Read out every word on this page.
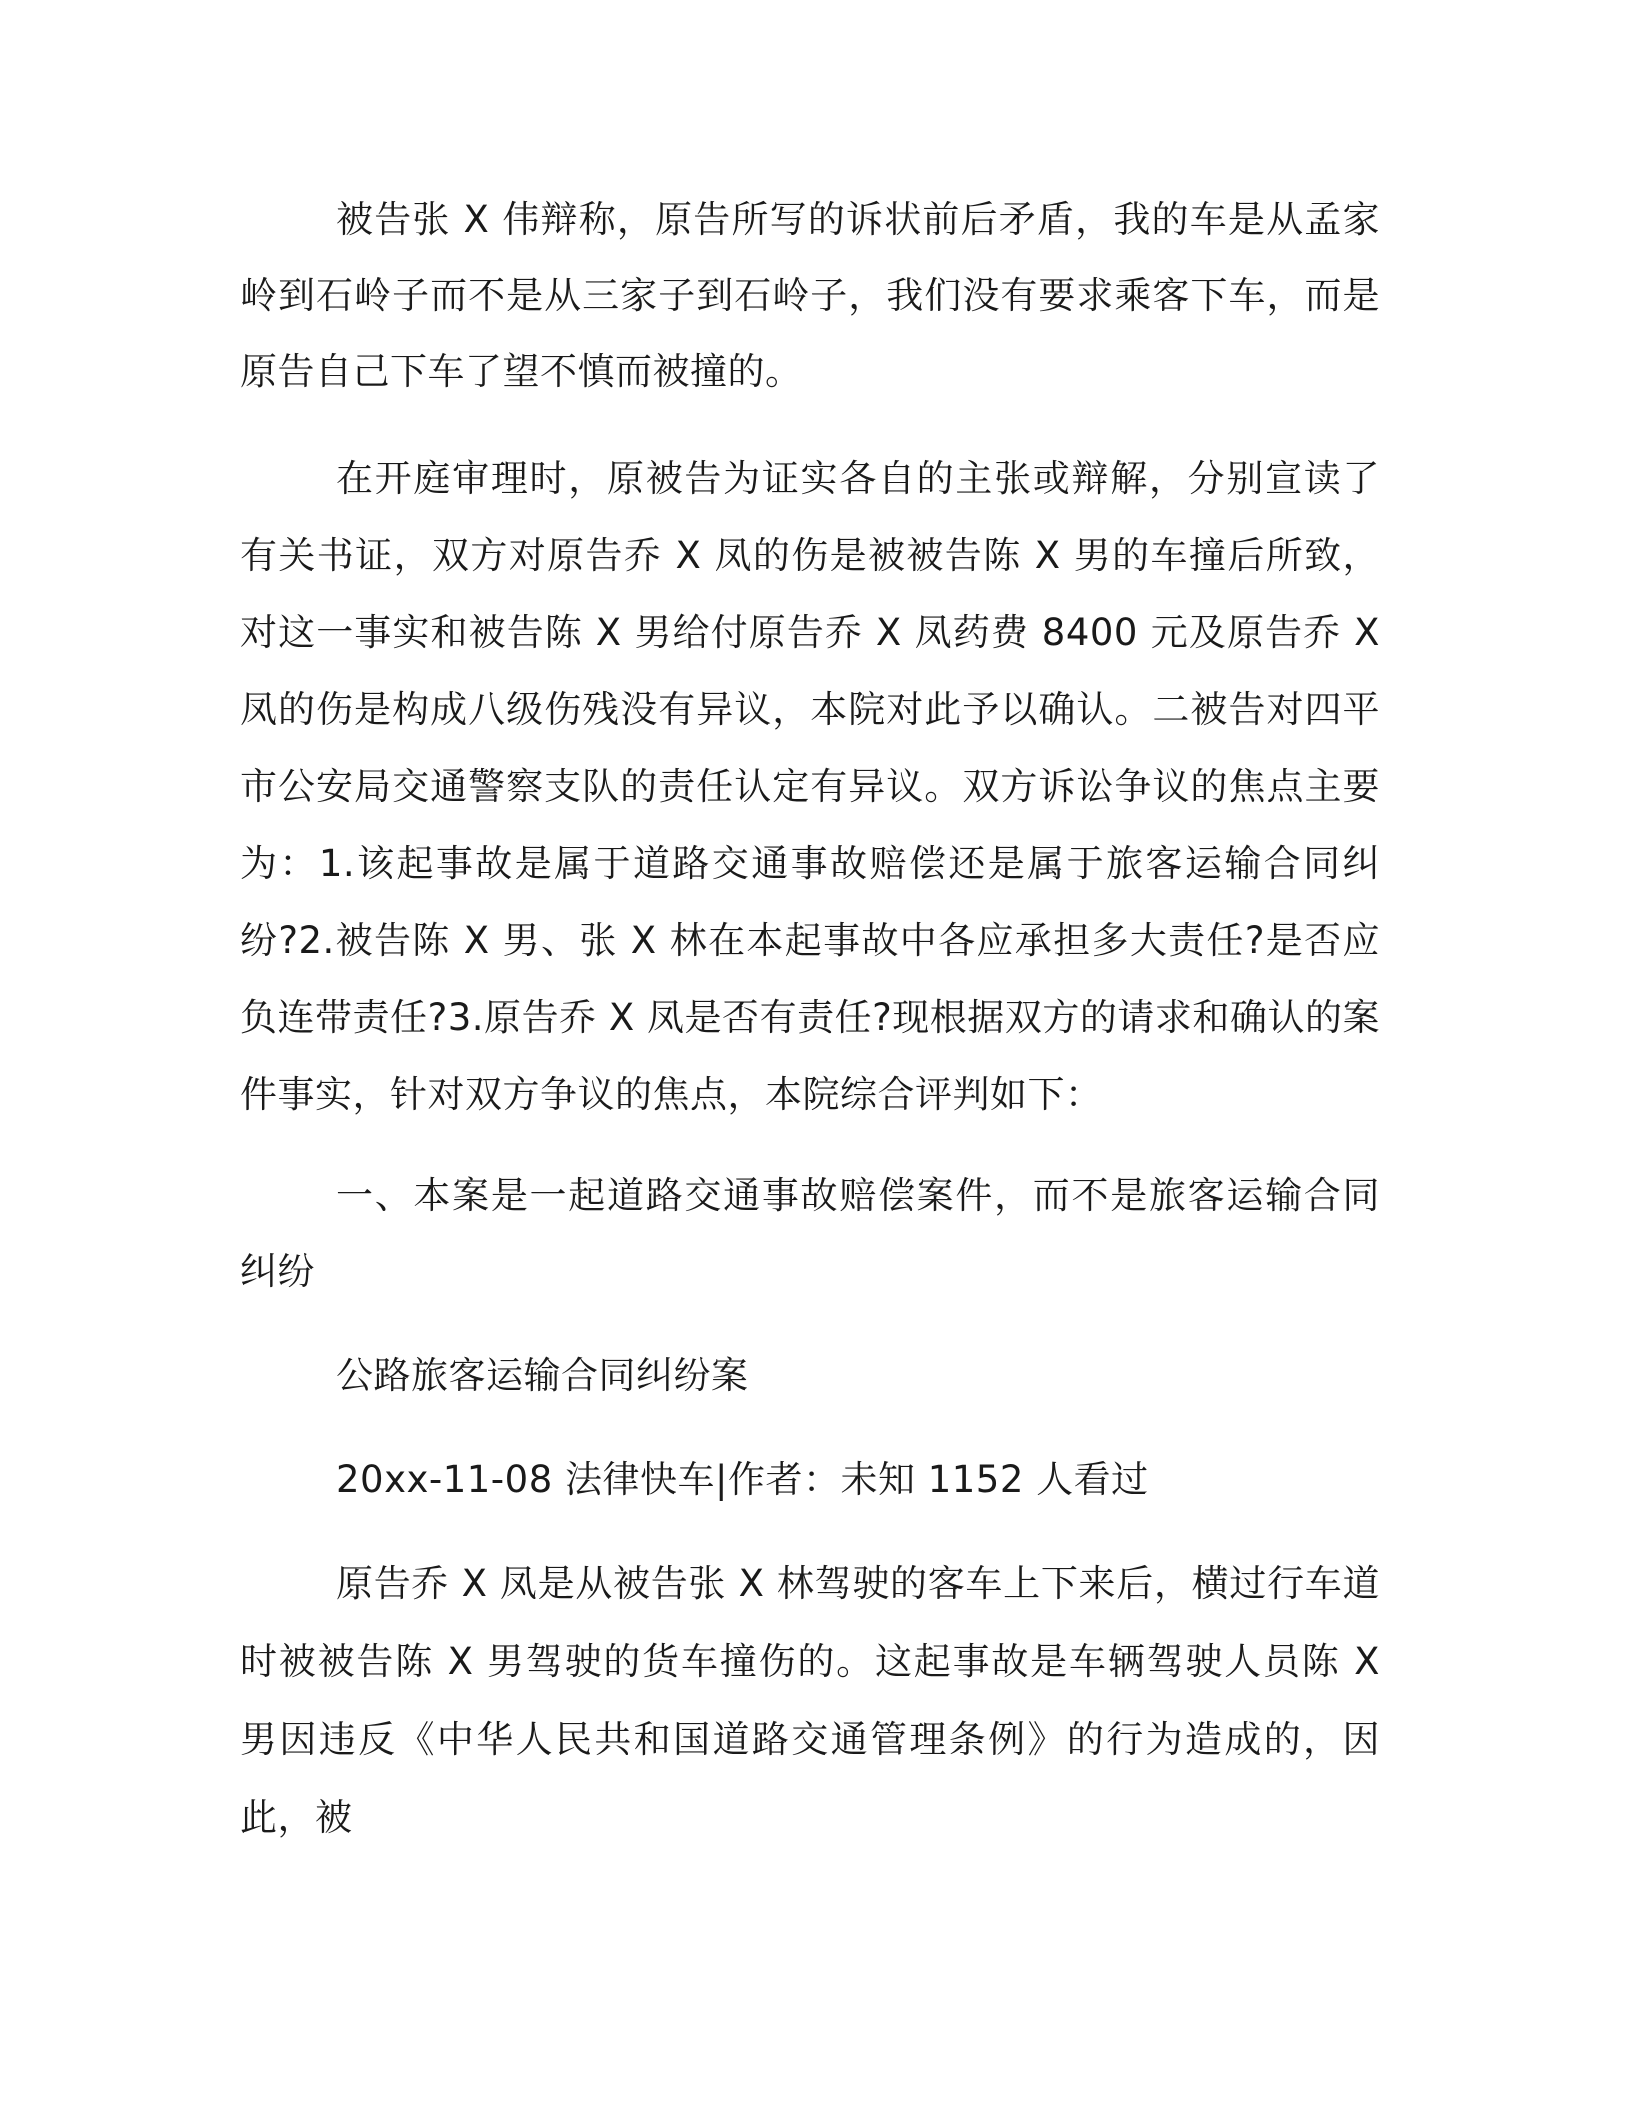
被告张 X 伟辩称，原告所写的诉状前后矛盾，我的车是从孟家岭到石岭子而不是从三家子到石岭子，我们没有要求乘客下车，而是原告自己下车了望不慎而被撞的。

在开庭审理时，原被告为证实各自的主张或辩解，分别宣读了有关书证，双方对原告乔 X 凤的伤是被被告陈 X 男的车撞后所致，对这一事实和被告陈 X 男给付原告乔 X 凤药费 8400 元及原告乔 X 凤的伤是构成八级伤残没有异议，本院对此予以确认。二被告对四平市公安局交通警察支队的责任认定有异议。双方诉讼争议的焦点主要为：1.该起事故是属于道路交通事故赔偿还是属于旅客运输合同纠纷?2.被告陈 X 男、张 X 林在本起事故中各应承担多大责任?是否应负连带责任?3.原告乔 X 凤是否有责任?现根据双方的请求和确认的案件事实，针对双方争议的焦点，本院综合评判如下：

一、本案是一起道路交通事故赔偿案件，而不是旅客运输合同纠纷

公路旅客运输合同纠纷案

20xx-11-08 法律快车|作者：未知 1152 人看过

原告乔 X 凤是从被告张 X 林驾驶的客车上下来后，横过行车道时被被告陈 X 男驾驶的货车撞伤的。这起事故是车辆驾驶人员陈 X 男因违反《中华人民共和国道路交通管理条例》的行为造成的，因此，被
